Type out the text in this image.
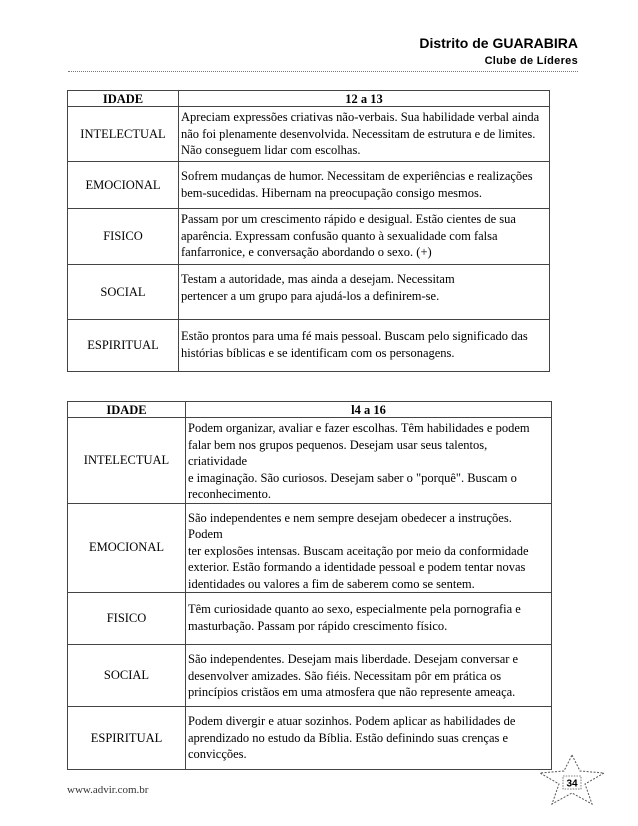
Distrito de GUARABIRA
Clube de Líderes
IDADE	12 a 13
INTELECTUAL	Apreciam expressões criativas não-verbais. Sua habilidade verbal ainda
não foi plenamente desenvolvida. Necessitam de estrutura e de limites.
Não conseguem lidar com escolhas.

EMOCIONAL	Sofrem mudanças de humor. Necessitam de experiências e realizações
bem-sucedidas. Hibernam na preocupação consigo mesmos.

FISICO	Passam por um crescimento rápido e desigual. Estão cientes de sua
aparência. Expressam confusão quanto à sexualidade com falsa
fanfarronice, e conversação abordando o sexo. (+)

SOCIAL	Testam a autoridade, mas ainda a desejam. Necessitam
pertencer a um grupo para ajudá-los a definirem-se.

ESPIRITUAL	Estão prontos para uma fé mais pessoal. Buscam pelo significado das
histórias bíblicas e se identificam com os personagens.
IDADE	l4 a 16
INTELECTUAL	Podem organizar, avaliar e fazer escolhas. Têm habilidades e podem
falar bem nos grupos pequenos. Desejam usar seus talentos, criatividade
e imaginação. São curiosos. Desejam saber o "porquê". Buscam o
reconhecimento.

EMOCIONAL	São independentes e nem sempre desejam obedecer a instruções. Podem
ter explosões intensas. Buscam aceitação por meio da conformidade
exterior. Estão formando a identidade pessoal e podem tentar novas
identidades ou valores a fim de saberem como se sentem.

FISICO	Têm curiosidade quanto ao sexo, especialmente pela pornografia e
masturbação. Passam por rápido crescimento físico.

SOCIAL	São independentes. Desejam mais liberdade. Desejam conversar e
desenvolver amizades. São fiéis. Necessitam pôr em prática os
princípios cristãos em uma atmosfera que não represente ameaça.

ESPIRITUAL	Podem divergir e atuar sozinhos. Podem aplicar as habilidades de
aprendizado no estudo da Bíblia. Estão definindo suas crenças e
convicções.
www.advir.com.br	34
